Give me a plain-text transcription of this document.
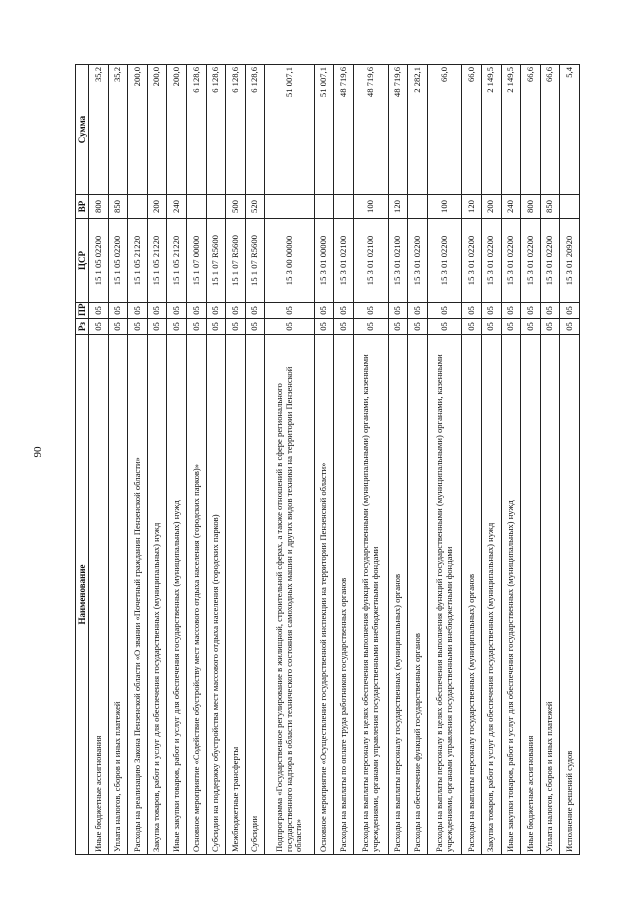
90
Наименование	Рз	ПР	ЦСР	ВР	Сумма
Иные бюджетные ассигнования	05	05	15 1 05 02200	800	35,2
Уплата налогов, сборов и иных платежей	05	05	15 1 05 02200	850	35,2
Расходы на реализацию Закона Пензенской области «О звании «Почетный гражданин Пензенской области»	05	05	15 1 05 21220		200,0
Закупка товаров, работ и услуг для обеспечения государственных (муниципальных) нужд	05	05	15 1 05 21220	200	200,0
Иные закупки товаров, работ и услуг для обеспечения государственных (муниципальных) нужд	05	05	15 1 05 21220	240	200,0
Основное мероприятие «Содействие обустройству мест массового отдыха населения (городских парков)»	05	05	15 1 07 00000		6 128,6
Субсидии на поддержку обустройства мест массового отдыха населения (городских парков)	05	05	15 1 07 R5600		6 128,6
Межбюджетные трансферты	05	05	15 1 07 R5600	500	6 128,6
Субсидии	05	05	15 1 07 R5600	520	6 128,6
Подпрограмма «Государственное регулирование в жилищной, строительной сферах, а также отношений в сфере регионального государственного надзора в области технического состояния самоходных машин и других видов техники на территории Пензенской области»	05	05	15 3 00 00000		51 007,1
Основное мероприятие «Осуществление государственной инспекции на территории Пензенской области»	05	05	15 3 01 00000		51 007,1
Расходы на выплаты по оплате труда работников государственных органов	05	05	15 3 01 02100		48 719,6
Расходы на выплаты персоналу в целях обеспечения выполнения функций государственными (муниципальными) органами, казенными учреждениями, органами управления государственными внебюджетными фондами	05	05	15 3 01 02100	100	48 719,6
Расходы на выплаты персоналу государственных (муниципальных) органов	05	05	15 3 01 02100	120	48 719,6
Расходы на обеспечение функций государственных органов	05	05	15 3 01 02200		2 282,1
Расходы на выплаты персоналу в целях обеспечения выполнения функций государственными (муниципальными) органами, казенными учреждениями, органами управления государственными внебюджетными фондами	05	05	15 3 01 02200	100	66,0
Расходы на выплаты персоналу государственных (муниципальных) органов	05	05	15 3 01 02200	120	66,0
Закупка товаров, работ и услуг для обеспечения государственных (муниципальных) нужд	05	05	15 3 01 02200	200	2 149,5
Иные закупки товаров, работ и услуг для обеспечения государственных (муниципальных) нужд	05	05	15 3 01 02200	240	2 149,5
Иные бюджетные ассигнования	05	05	15 3 01 02200	800	66,6
Уплата налогов, сборов и иных платежей	05	05	15 3 01 02200	850	66,6
Исполнение решений судов	05	05	15 3 01 20920		5,4
